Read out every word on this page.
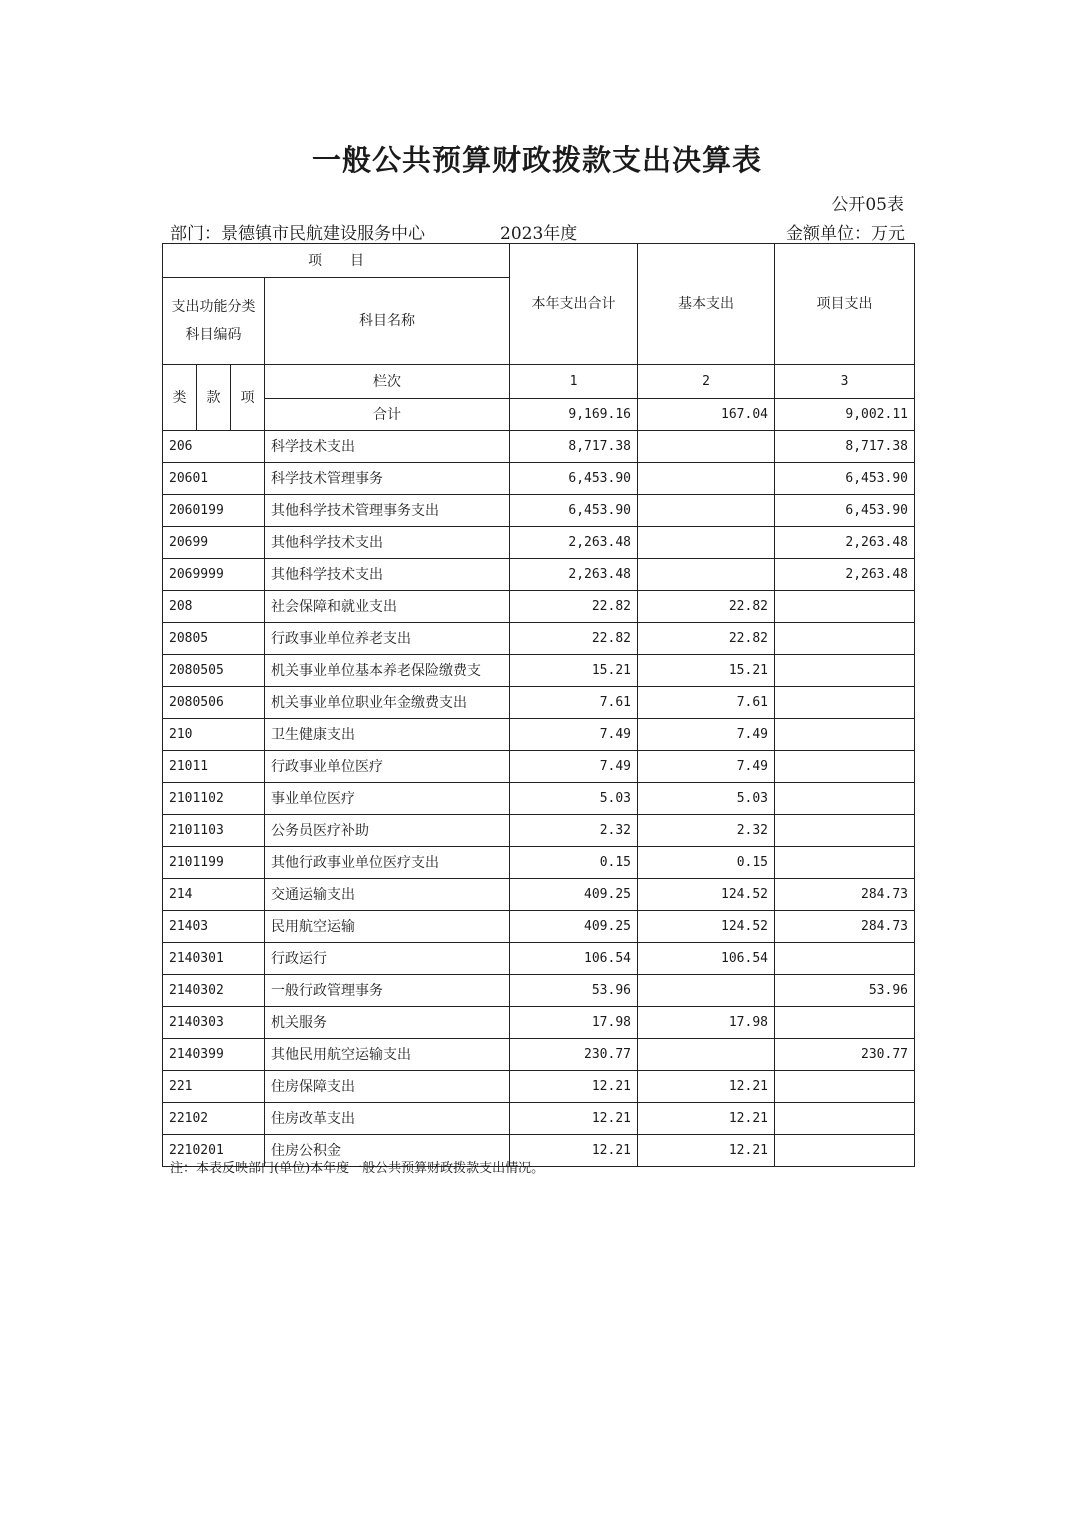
一般公共预算财政拨款支出决算表
公开05表
部门：景德镇市民航建设服务中心	2023年度	金额单位：万元
项　　目				本年支出合计	基本支出	项目支出
支出功能分类科目编码			科目名称			
类	款	项	栏次	1	2	3
			合计	9,169.16	167.04	9,002.11
206			科学技术支出	8,717.38		8,717.38
20601			科学技术管理事务	6,453.90		6,453.90
2060199			其他科学技术管理事务支出	6,453.90		6,453.90
20699			其他科学技术支出	2,263.48		2,263.48
2069999			其他科学技术支出	2,263.48		2,263.48
208			社会保障和就业支出	22.82	22.82	
20805			行政事业单位养老支出	22.82	22.82	
2080505			机关事业单位基本养老保险缴费支	15.21	15.21	
2080506			机关事业单位职业年金缴费支出	7.61	7.61	
210			卫生健康支出	7.49	7.49	
21011			行政事业单位医疗	7.49	7.49	
2101102			事业单位医疗	5.03	5.03	
2101103			公务员医疗补助	2.32	2.32	
2101199			其他行政事业单位医疗支出	0.15	0.15	
214			交通运输支出	409.25	124.52	284.73
21403			民用航空运输	409.25	124.52	284.73
2140301			行政运行	106.54	106.54	
2140302			一般行政管理事务	53.96		53.96
2140303			机关服务	17.98	17.98	
2140399			其他民用航空运输支出	230.77		230.77
221			住房保障支出	12.21	12.21	
22102			住房改革支出	12.21	12.21	
2210201			住房公积金	12.21	12.21	
注：本表反映部门(单位)本年度一般公共预算财政拨款支出情况。
